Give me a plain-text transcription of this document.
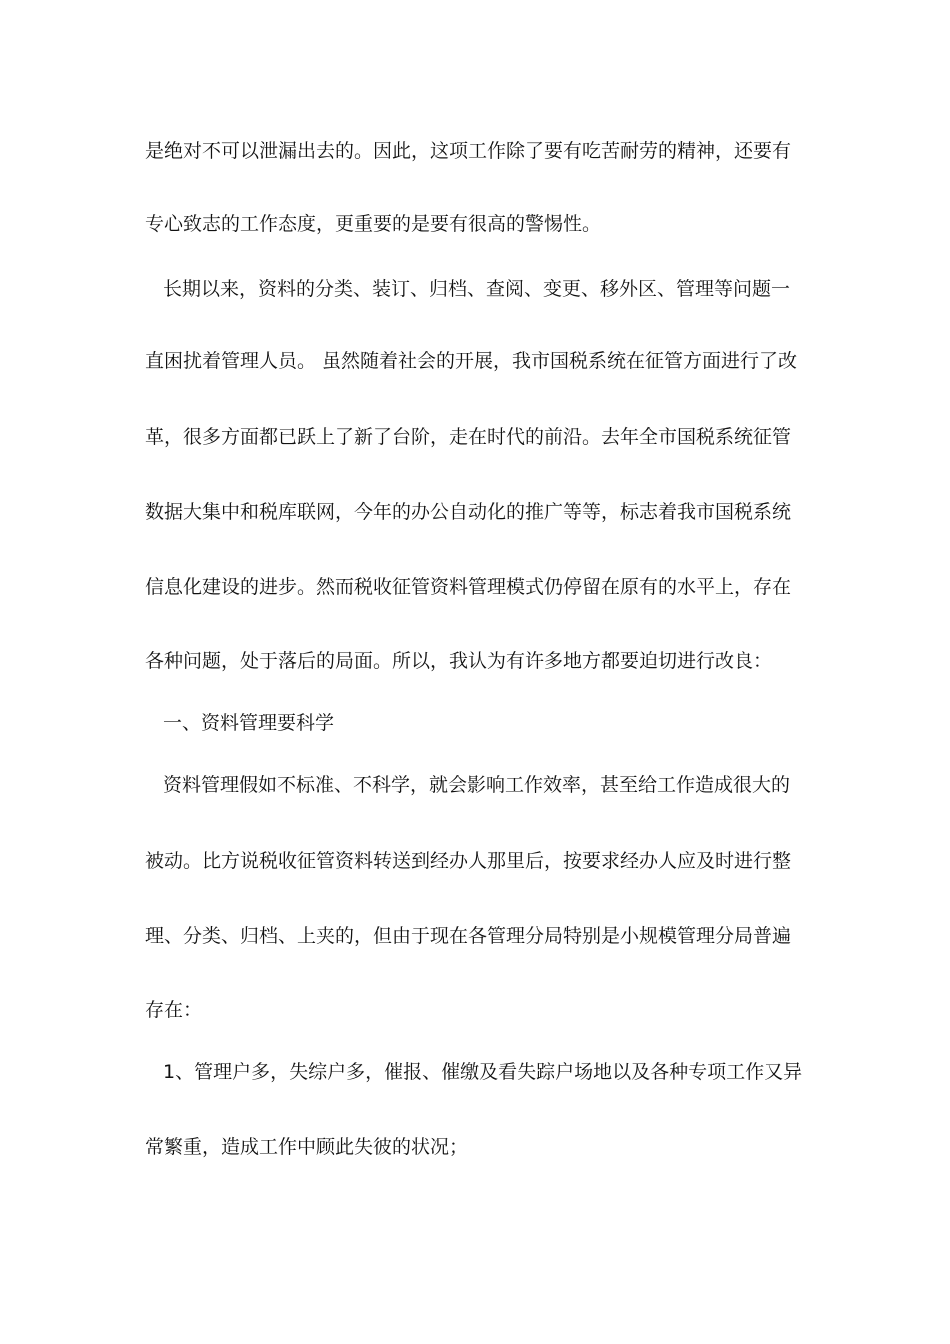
是绝对不可以泄漏出去的。因此，这项工作除了要有吃苦耐劳的精神，还要有
专心致志的工作态度，更重要的是要有很高的警惕性。
长期以来，资料的分类、装订、归档、查阅、变更、移外区、管理等问题一
直困扰着管理人员。 虽然随着社会的开展，我市国税系统在征管方面进行了改
革，很多方面都已跃上了新了台阶，走在时代的前沿。去年全市国税系统征管
数据大集中和税库联网，今年的办公自动化的推广等等，标志着我市国税系统
信息化建设的进步。然而税收征管资料管理模式仍停留在原有的水平上，存在
各种问题，处于落后的局面。所以，我认为有许多地方都要迫切进行改良：
一、资料管理要科学
资料管理假如不标准、不科学，就会影响工作效率，甚至给工作造成很大的
被动。比方说税收征管资料转送到经办人那里后，按要求经办人应及时进行整
理、分类、归档、上夹的，但由于现在各管理分局特别是小规模管理分局普遍
存在：
1、管理户多，失综户多，催报、催缴及看失踪户场地以及各种专项工作又异
常繁重，造成工作中顾此失彼的状况；
